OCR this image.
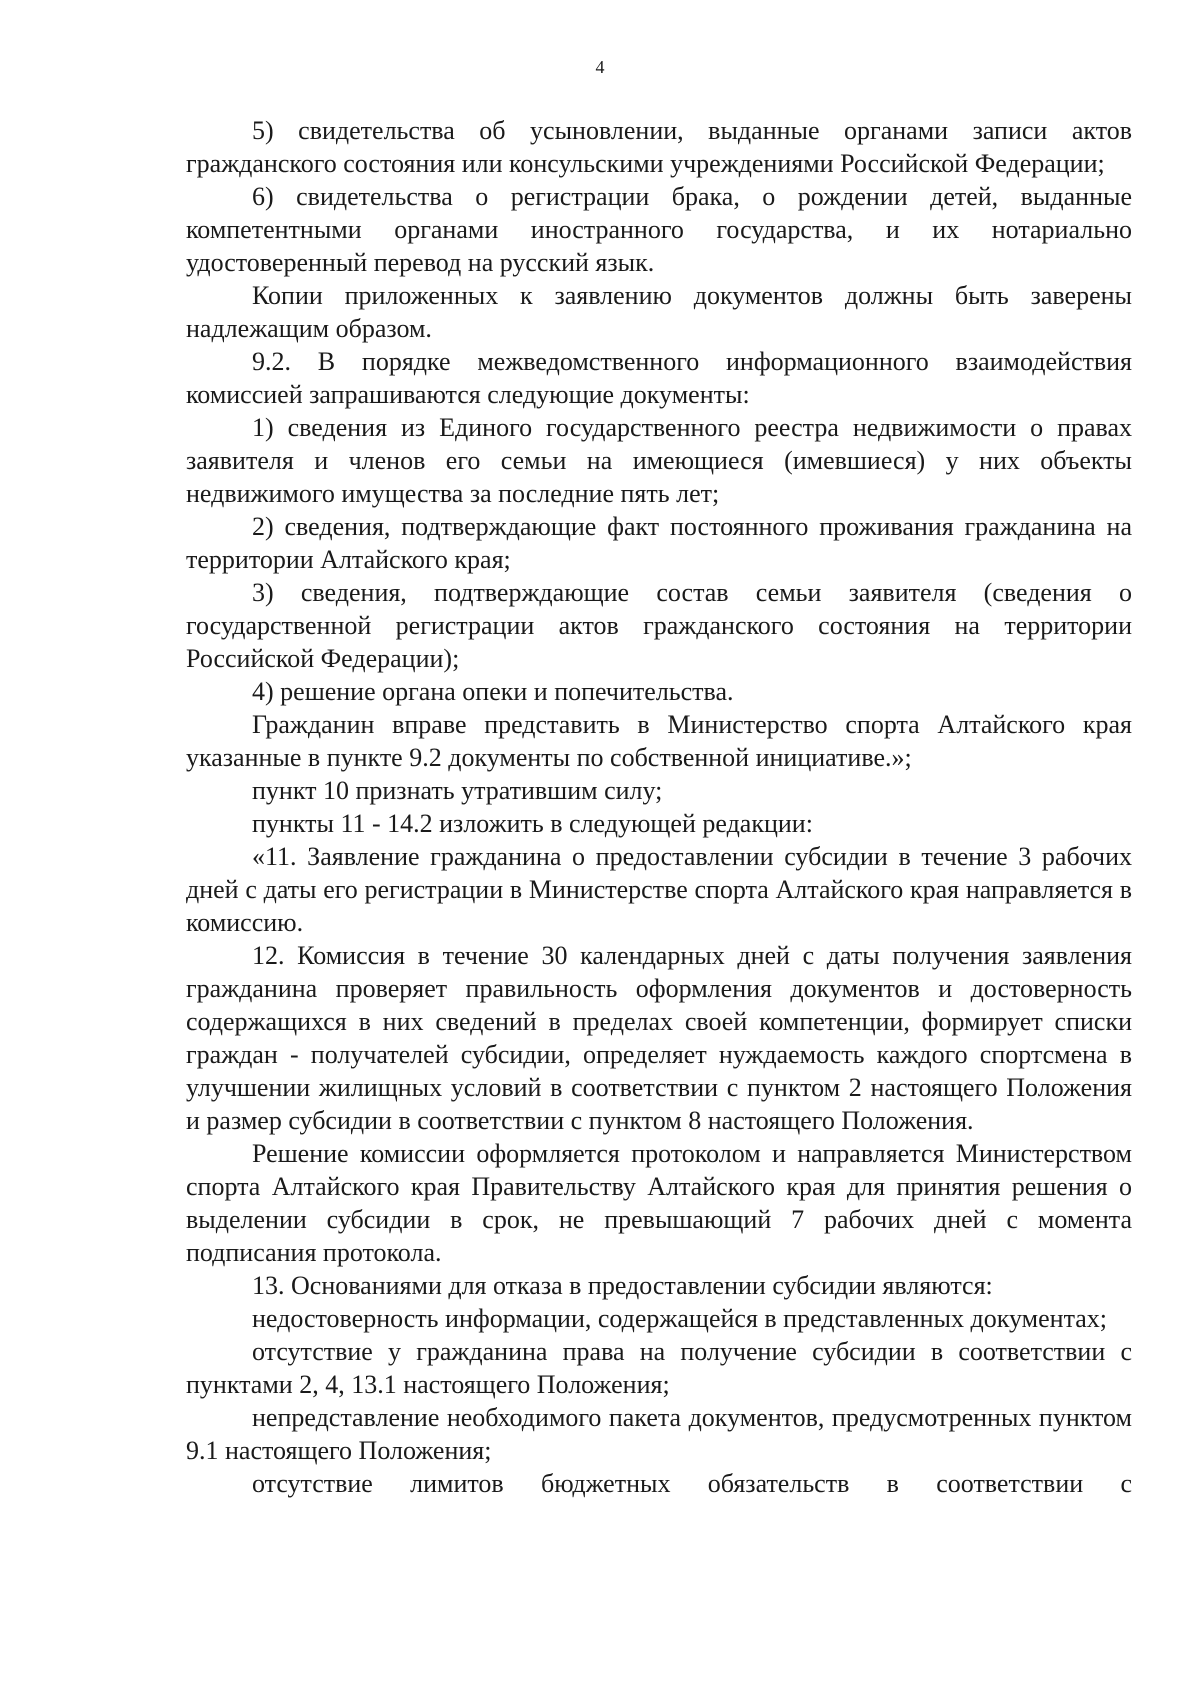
4

5) свидетельства об усыновлении, выданные органами записи актов гражданского состояния или консульскими учреждениями Российской Федерации;

6) свидетельства о регистрации брака, о рождении детей, выданные компетентными органами иностранного государства, и их нотариально удостоверенный перевод на русский язык.

Копии приложенных к заявлению документов должны быть заверены надлежащим образом.

9.2. В порядке межведомственного информационного взаимодействия комиссией запрашиваются следующие документы:

1) сведения из Единого государственного реестра недвижимости о правах заявителя и членов его семьи на имеющиеся (имевшиеся) у них объекты недвижимого имущества за последние пять лет;

2) сведения, подтверждающие факт постоянного проживания гражданина на территории Алтайского края;

3) сведения, подтверждающие состав семьи заявителя (сведения о государственной регистрации актов гражданского состояния на территории Российской Федерации);

4) решение органа опеки и попечительства.

Гражданин вправе представить в Министерство спорта Алтайского края указанные в пункте 9.2 документы по собственной инициативе.»;

пункт 10 признать утратившим силу;

пункты 11 - 14.2 изложить в следующей редакции:

«11. Заявление гражданина о предоставлении субсидии в течение 3 рабочих дней с даты его регистрации в Министерстве спорта Алтайского края направляется в комиссию.

12. Комиссия в течение 30 календарных дней с даты получения заявления гражданина проверяет правильность оформления документов и достоверность содержащихся в них сведений в пределах своей компетенции, формирует списки граждан - получателей субсидии, определяет нуждаемость каждого спортсмена в улучшении жилищных условий в соответствии с пунктом 2 настоящего Положения и размер субсидии в соответствии с пунктом 8 настоящего Положения.

Решение комиссии оформляется протоколом и направляется Министерством спорта Алтайского края Правительству Алтайского края для принятия решения о выделении субсидии в срок, не превышающий 7 рабочих дней с момента подписания протокола.

13. Основаниями для отказа в предоставлении субсидии являются:

недостоверность информации, содержащейся в представленных документах;

отсутствие у гражданина права на получение субсидии в соответствии с пунктами 2, 4, 13.1 настоящего Положения;

непредставление необходимого пакета документов, предусмотренных пунктом 9.1 настоящего Положения;

отсутствие лимитов бюджетных обязательств в соответствии с
